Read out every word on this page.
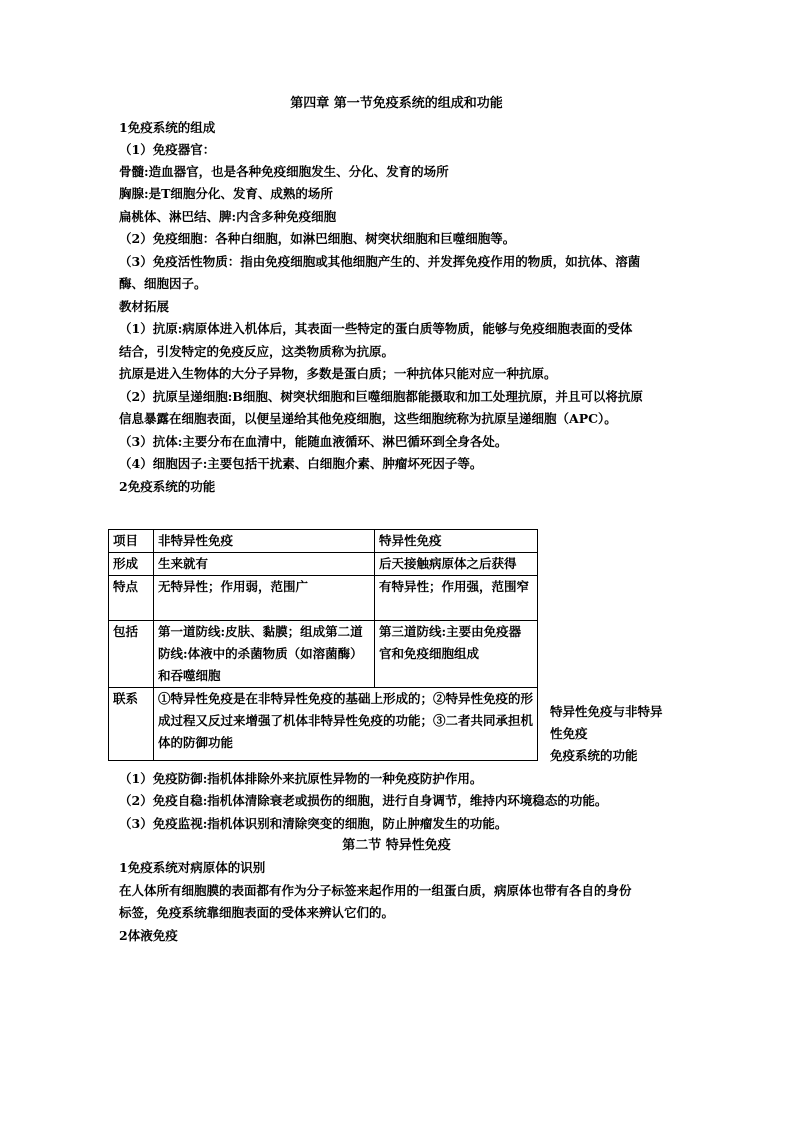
第四章 第一节免疫系统的组成和功能
1免疫系统的组成
（1）免疫器官：
骨髓:造血器官，也是各种免疫细胞发生、分化、发育的场所
胸腺:是T细胞分化、发育、成熟的场所
扁桃体、淋巴结、脾:内含多种免疫细胞
（2）免疫细胞：各种白细胞，如淋巴细胞、树突状细胞和巨噬细胞等。
（3）免疫活性物质：指由免疫细胞或其他细胞产生的、并发挥免疫作用的物质，如抗体、溶菌
酶、细胞因子。
教材拓展
（1）抗原:病原体进入机体后，其表面一些特定的蛋白质等物质，能够与免疫细胞表面的受体
结合，引发特定的免疫反应，这类物质称为抗原。
抗原是进入生物体的大分子异物，多数是蛋白质；一种抗体只能对应一种抗原。
（2）抗原呈递细胞:B细胞、树突状细胞和巨噬细胞都能摄取和加工处理抗原，并且可以将抗原
信息暴露在细胞表面，以便呈递给其他免疫细胞，这些细胞统称为抗原呈递细胞（APC）。
（3）抗体:主要分布在血清中，能随血液循环、淋巴循环到全身各处。
（4）细胞因子:主要包括干扰素、白细胞介素、肿瘤坏死因子等。
2免疫系统的功能
项目	非特异性免疫	特异性免疫
形成	生来就有	后天接触病原体之后获得
特点	无特异性；作用弱，范围广	有特异性；作用强，范围窄
包括	第一道防线:皮肤、黏膜；组成第二道防线:体液中的杀菌物质（如溶菌酶）和吞噬细胞	第三道防线:主要由免疫器官和免疫细胞组成
联系	①特异性免疫是在非特异性免疫的基础上形成的；②特异性免疫的形成过程又反过来增强了机体非特异性免疫的功能；③二者共同承担机体的防御功能	
特异性免疫与非特异
性免疫
免疫系统的功能
（1）免疫防御:指机体排除外来抗原性异物的一种免疫防护作用。
（2）免疫自稳:指机体清除衰老或损伤的细胞，进行自身调节，维持内环境稳态的功能。
（3）免疫监视:指机体识别和清除突变的细胞，防止肿瘤发生的功能。
第二节 特异性免疫
1免疫系统对病原体的识别
在人体所有细胞膜的表面都有作为分子标签来起作用的一组蛋白质，病原体也带有各自的身份
标签，免疫系统靠细胞表面的受体来辨认它们的。
2体液免疫
